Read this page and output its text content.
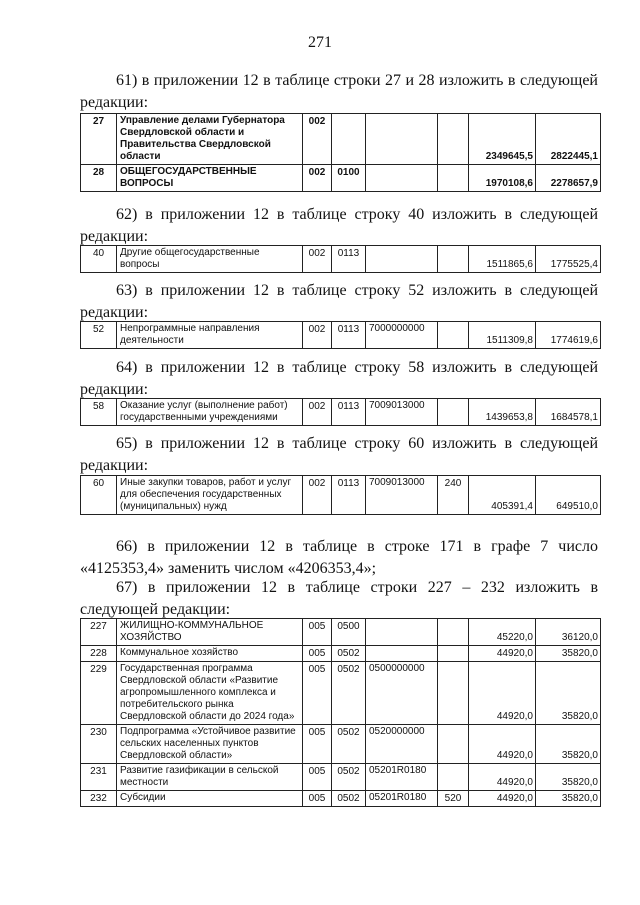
271
61) в приложении 12 в таблице строки 27 и 28 изложить в следующей редакции:
27	Управление делами Губернатора Свердловской области и Правительства Свердловской области	002				2349645,5	2822445,1
28	ОБЩЕГОСУДАРСТВЕННЫЕ ВОПРОСЫ	002	0100			1970108,6	2278657,9
62) в приложении 12 в таблице строку 40 изложить в следующей редакции:
40	Другие общегосударственные вопросы	002	0113			1511865,6	1775525,4
63) в приложении 12 в таблице строку 52 изложить в следующей редакции:
52	Непрограммные направления деятельности	002	0113	7000000000		1511309,8	1774619,6
64) в приложении 12 в таблице строку 58 изложить в следующей редакции:
58	Оказание услуг (выполнение работ) государственными учреждениями	002	0113	7009013000		1439653,8	1684578,1
65) в приложении 12 в таблице строку 60 изложить в следующей редакции:
60	Иные закупки товаров, работ и услуг для обеспечения государственных (муниципальных) нужд	002	0113	7009013000	240	405391,4	649510,0
66) в приложении 12 в таблице в строке 171 в графе 7 число «4125353,4» заменить числом «4206353,4»;
67) в приложении 12 в таблице строки 227 – 232 изложить в следующей редакции:
227	ЖИЛИЩНО-КОММУНАЛЬНОЕ ХОЗЯЙСТВО	005	0500			45220,0	36120,0
228	Коммунальное хозяйство	005	0502			44920,0	35820,0
229	Государственная программа Свердловской области «Развитие агропромышленного комплекса и потребительского рынка Свердловской области до 2024 года»	005	0502	0500000000		44920,0	35820,0
230	Подпрограмма «Устойчивое развитие сельских населенных пунктов Свердловской области»	005	0502	0520000000		44920,0	35820,0
231	Развитие газификации в сельской местности	005	0502	05201R0180		44920,0	35820,0
232	Субсидии	005	0502	05201R0180	520	44920,0	35820,0
